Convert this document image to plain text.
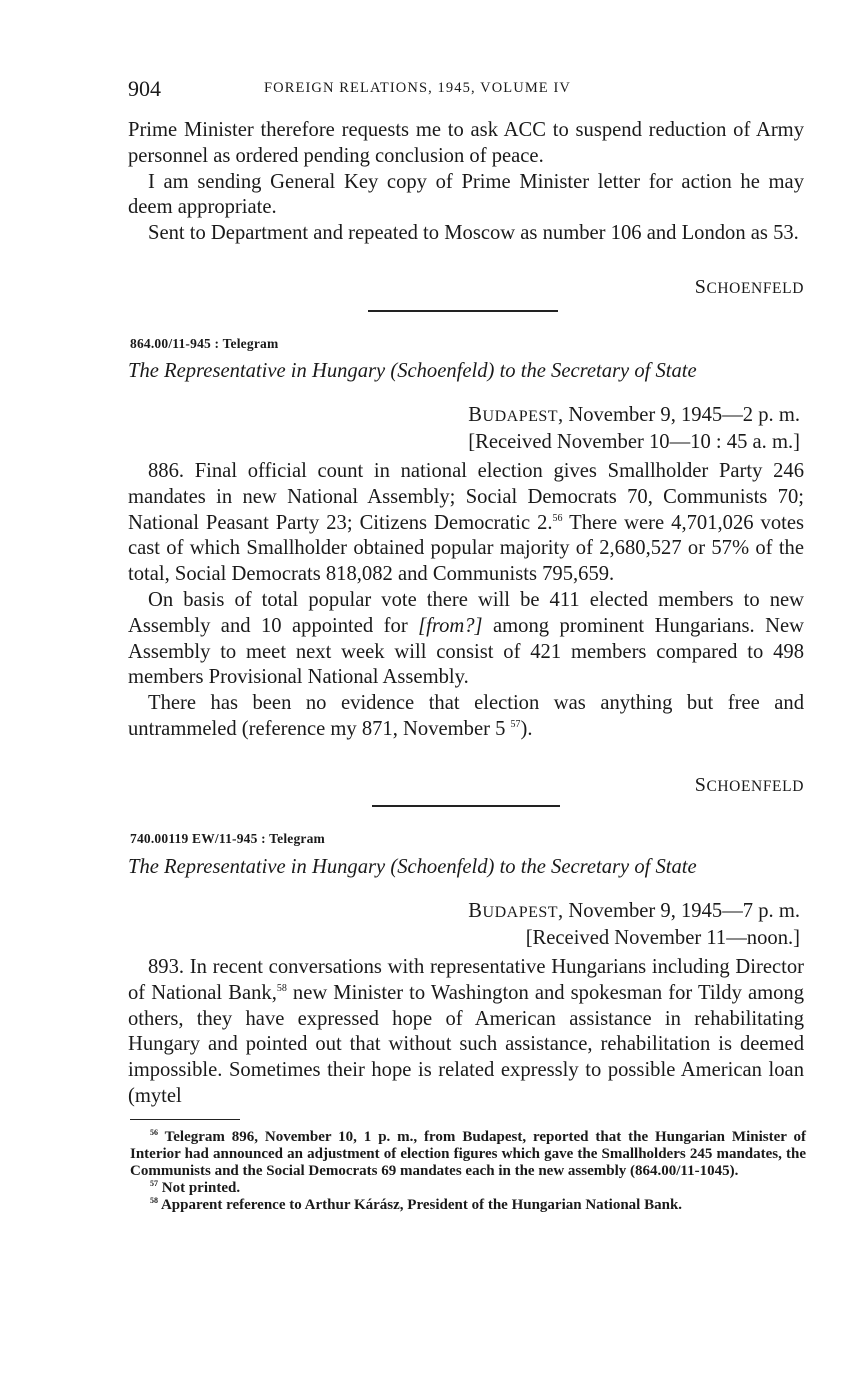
904	FOREIGN RELATIONS, 1945, VOLUME IV

Prime Minister therefore requests me to ask ACC to suspend reduction of Army personnel as ordered pending conclusion of peace.

I am sending General Key copy of Prime Minister letter for action he may deem appropriate.

Sent to Department and repeated to Moscow as number 106 and London as 53.

SCHOENFELD
864.00/11-945 : Telegram
The Representative in Hungary (Schoenfeld) to the Secretary of State
BUDAPEST, November 9, 1945—2 p. m.
[Received November 10—10 : 45 a. m.]

886. Final official count in national election gives Smallholder Party 246 mandates in new National Assembly; Social Democrats 70, Communists 70; National Peasant Party 23; Citizens Democratic 2.56 There were 4,701,026 votes cast of which Smallholder obtained popular majority of 2,680,527 or 57% of the total, Social Democrats 818,082 and Communists 795,659.

On basis of total popular vote there will be 411 elected members to new Assembly and 10 appointed for [from?] among prominent Hungarians. New Assembly to meet next week will consist of 421 members compared to 498 members Provisional National Assembly.

There has been no evidence that election was anything but free and untrammeled (reference my 871, November 5 $^{57}$).

SCHOENFELD
740.00119 EW/11-945 : Telegram
The Representative in Hungary (Schoenfeld) to the Secretary of State
BUDAPEST, November 9, 1945—7 p. m.
[Received November 11—noon.]

893. In recent conversations with representative Hungarians including Director of National Bank,$^{58}$ new Minister to Washington and spokesman for Tildy among others, they have expressed hope of American assistance in rehabilitating Hungary and pointed out that without such assistance, rehabilitation is deemed impossible. Sometimes their hope is related expressly to possible American loan (mytel

$^{56}$ Telegram 896, November 10, 1 p. m., from Budapest, reported that the Hungarian Minister of Interior had announced an adjustment of election figures which gave the Smallholders 245 mandates, the Communists and the Social Democrats 69 mandates each in the new assembly (864.00/11-1045).

$^{57}$ Not printed.

$^{58}$ Apparent reference to Arthur Kárász, President of the Hungarian National Bank.
